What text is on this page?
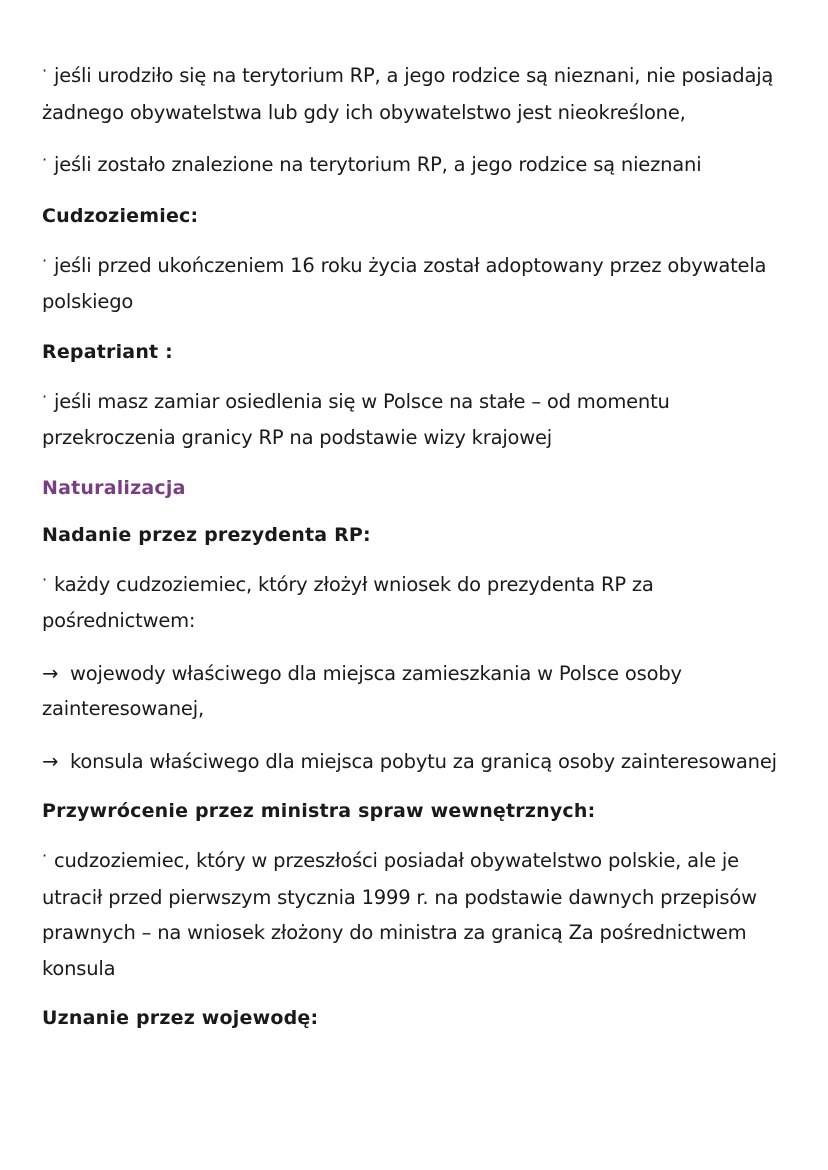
· jeśli urodziło się na terytorium RP, a jego rodzice są nieznani, nie posiadają żadnego obywatelstwa lub gdy ich obywatelstwo jest nieokreślone,

· jeśli zostało znalezione na terytorium RP, a jego rodzice są nieznani

Cudzoziemiec:

· jeśli przed ukończeniem 16 roku życia został adoptowany przez obywatela polskiego

Repatriant :

· jeśli masz zamiar osiedlenia się w Polsce na stałe – od momentu przekroczenia granicy RP na podstawie wizy krajowej

Naturalizacja
Nadanie przez prezydenta RP:

· każdy cudzoziemiec, który złożył wniosek do prezydenta RP za pośrednictwem:

→ wojewody właściwego dla miejsca zamieszkania w Polsce osoby zainteresowanej,

→ konsula właściwego dla miejsca pobytu za granicą osoby zainteresowanej

Przywrócenie przez ministra spraw wewnętrznych:

· cudzoziemiec, który w przeszłości posiadał obywatelstwo polskie, ale je utracił przed pierwszym stycznia 1999 r. na podstawie dawnych przepisów prawnych – na wniosek złożony do ministra za granicą Za pośrednictwem konsula

Uznanie przez wojewodę:
